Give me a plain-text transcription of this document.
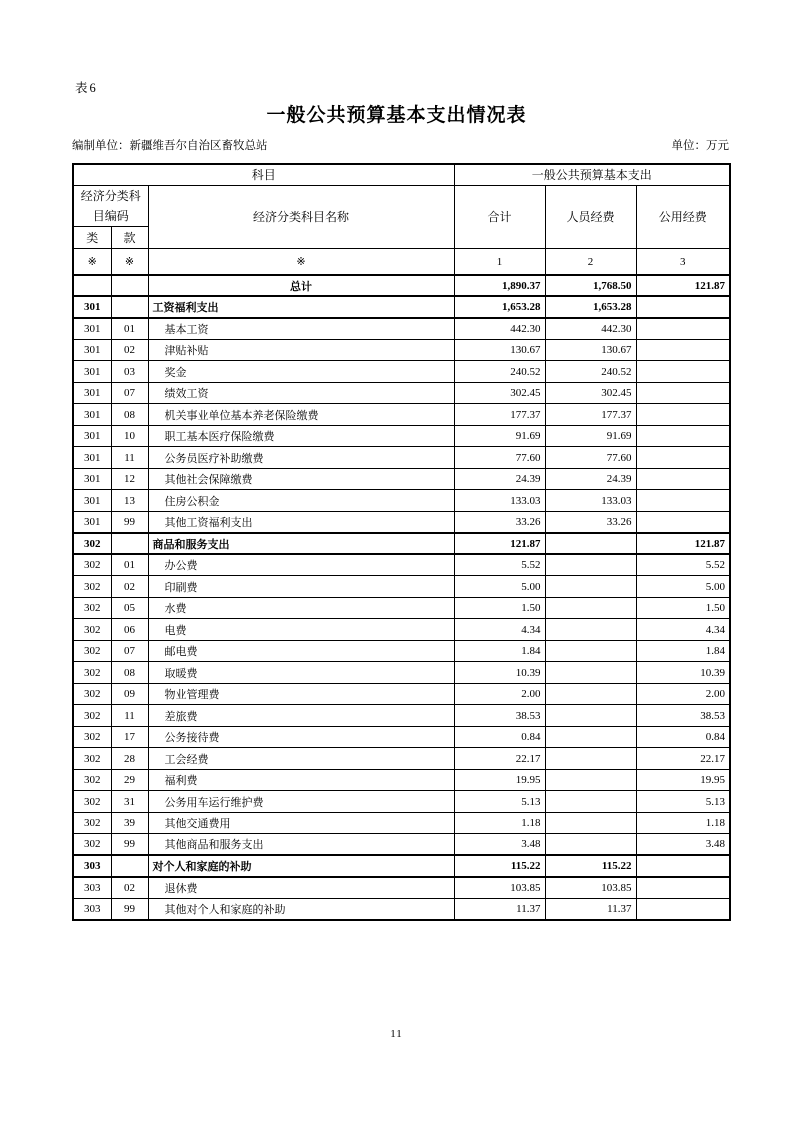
表6
一般公共预算基本支出情况表
编制单位：新疆维吾尔自治区畜牧总站	单位：万元
科目			一般公共预算基本支出		
经济分类科目编码		经济分类科目名称	合计	人员经费	公用经费
类	款				
※	※	※	1	2	3
		总计	1,890.37	1,768.50	121.87
301		工资福利支出	1,653.28	1,653.28	
301	01	基本工资	442.30	442.30	
301	02	津贴补贴	130.67	130.67	
301	03	奖金	240.52	240.52	
301	07	绩效工资	302.45	302.45	
301	08	机关事业单位基本养老保险缴费	177.37	177.37	
301	10	职工基本医疗保险缴费	91.69	91.69	
301	11	公务员医疗补助缴费	77.60	77.60	
301	12	其他社会保障缴费	24.39	24.39	
301	13	住房公积金	133.03	133.03	
301	99	其他工资福利支出	33.26	33.26	
302		商品和服务支出	121.87		121.87
302	01	办公费	5.52		5.52
302	02	印刷费	5.00		5.00
302	05	水费	1.50		1.50
302	06	电费	4.34		4.34
302	07	邮电费	1.84		1.84
302	08	取暖费	10.39		10.39
302	09	物业管理费	2.00		2.00
302	11	差旅费	38.53		38.53
302	17	公务接待费	0.84		0.84
302	28	工会经费	22.17		22.17
302	29	福利费	19.95		19.95
302	31	公务用车运行维护费	5.13		5.13
302	39	其他交通费用	1.18		1.18
302	99	其他商品和服务支出	3.48		3.48
303		对个人和家庭的补助	115.22	115.22	
303	02	退休费	103.85	103.85	
303	99	其他对个人和家庭的补助	11.37	11.37	
11
